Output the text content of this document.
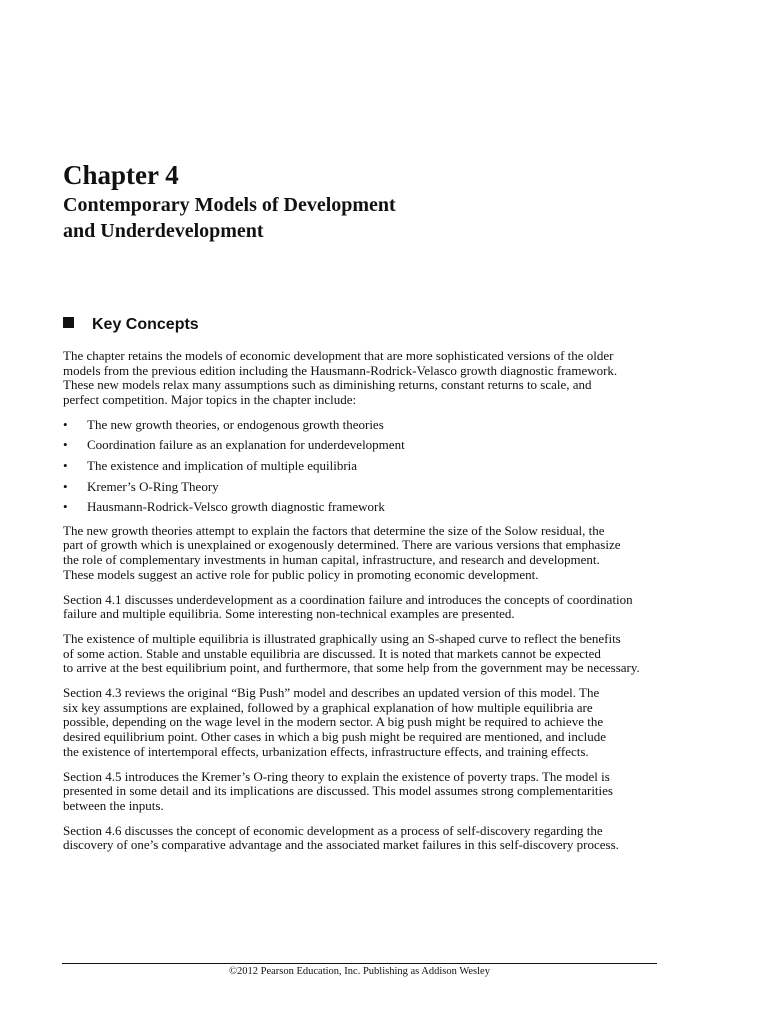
Chapter 4
Contemporary Models of Development
and Underdevelopment
Key Concepts

The chapter retains the models of economic development that are more sophisticated versions of the older
models from the previous edition including the Hausmann-Rodrick-Velasco growth diagnostic framework.
These new models relax many assumptions such as diminishing returns, constant returns to scale, and
perfect competition. Major topics in the chapter include:

• The new growth theories, or endogenous growth theories
• Coordination failure as an explanation for underdevelopment
• The existence and implication of multiple equilibria
• Kremer’s O-Ring Theory
• Hausmann-Rodrick-Velsco growth diagnostic framework

The new growth theories attempt to explain the factors that determine the size of the Solow residual, the
part of growth which is unexplained or exogenously determined. There are various versions that emphasize
the role of complementary investments in human capital, infrastructure, and research and development.
These models suggest an active role for public policy in promoting economic development.

Section 4.1 discusses underdevelopment as a coordination failure and introduces the concepts of coordination
failure and multiple equilibria. Some interesting non-technical examples are presented.

The existence of multiple equilibria is illustrated graphically using an S-shaped curve to reflect the benefits
of some action. Stable and unstable equilibria are discussed. It is noted that markets cannot be expected
to arrive at the best equilibrium point, and furthermore, that some help from the government may be necessary.

Section 4.3 reviews the original “Big Push” model and describes an updated version of this model. The
six key assumptions are explained, followed by a graphical explanation of how multiple equilibria are
possible, depending on the wage level in the modern sector. A big push might be required to achieve the
desired equilibrium point. Other cases in which a big push might be required are mentioned, and include
the existence of intertemporal effects, urbanization effects, infrastructure effects, and training effects.

Section 4.5 introduces the Kremer’s O-ring theory to explain the existence of poverty traps. The model is
presented in some detail and its implications are discussed. This model assumes strong complementarities
between the inputs.

Section 4.6 discusses the concept of economic development as a process of self-discovery regarding the
discovery of one’s comparative advantage and the associated market failures in this self-discovery process.

©2012 Pearson Education, Inc. Publishing as Addison Wesley
